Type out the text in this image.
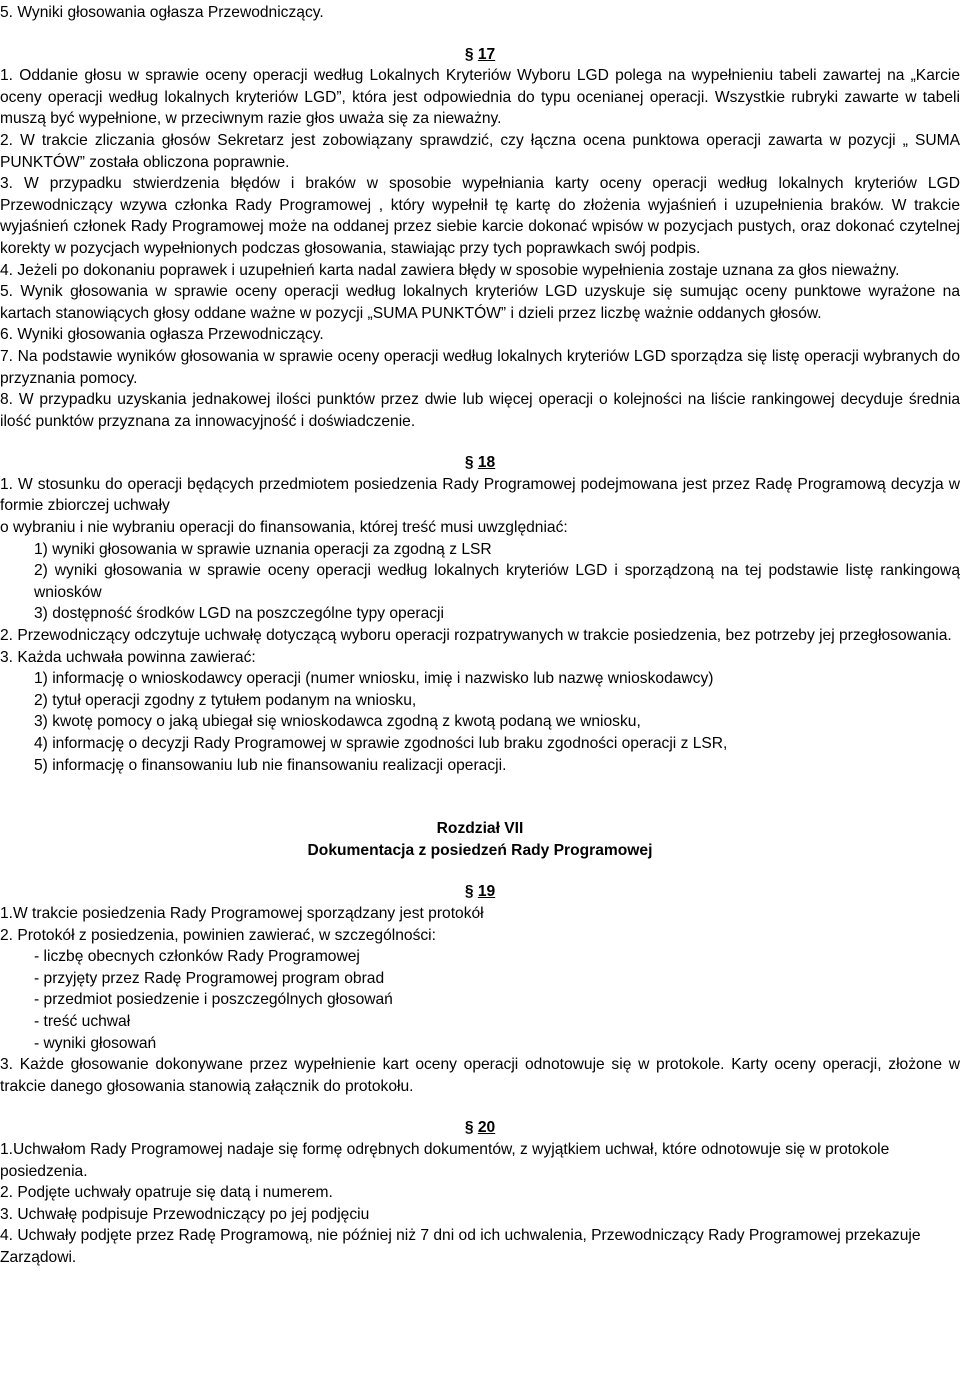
5. Wyniki głosowania ogłasza Przewodniczący.

§ 17

1. Oddanie głosu w sprawie oceny operacji według Lokalnych Kryteriów Wyboru LGD polega na wypełnieniu tabeli zawartej na „Karcie oceny operacji według lokalnych kryteriów LGD”, która jest odpowiednia do typu ocenianej operacji. Wszystkie rubryki zawarte w tabeli muszą być wypełnione, w przeciwnym razie głos uważa się za nieważny.

2. W trakcie zliczania głosów Sekretarz jest zobowiązany sprawdzić, czy łączna ocena punktowa operacji zawarta w pozycji „ SUMA PUNKTÓW” została obliczona poprawnie.

3. W przypadku stwierdzenia błędów i braków w sposobie wypełniania karty oceny operacji według lokalnych kryteriów LGD Przewodniczący wzywa członka Rady Programowej , który wypełnił tę kartę do złożenia wyjaśnień i uzupełnienia braków. W trakcie wyjaśnień członek Rady Programowej może na oddanej przez siebie karcie dokonać wpisów w pozycjach pustych, oraz dokonać czytelnej korekty w pozycjach wypełnionych podczas głosowania, stawiając przy tych poprawkach swój podpis.

4. Jeżeli po dokonaniu poprawek i uzupełnień karta nadal zawiera błędy w sposobie wypełnienia zostaje uznana za głos nieważny.

5. Wynik głosowania w sprawie oceny operacji według lokalnych kryteriów LGD uzyskuje się sumując oceny punktowe wyrażone na kartach stanowiących głosy oddane ważne w pozycji „SUMA PUNKTÓW” i dzieli przez liczbę ważnie oddanych głosów.

6. Wyniki głosowania ogłasza Przewodniczący.

7. Na podstawie wyników głosowania w sprawie oceny operacji według lokalnych kryteriów LGD sporządza się listę operacji wybranych do przyznania pomocy.

8. W przypadku uzyskania jednakowej ilości punktów przez dwie lub więcej operacji o kolejności na liście rankingowej decyduje średnia ilość punktów przyznana za innowacyjność i doświadczenie.

§ 18

1. W stosunku do operacji będących przedmiotem posiedzenia Rady Programowej podejmowana jest przez Radę Programową decyzja w formie zbiorczej uchwały

o wybraniu i nie wybraniu operacji do finansowania, której treść musi uwzględniać:

1) wyniki głosowania w sprawie uznania operacji za zgodną z LSR

2) wyniki głosowania w sprawie oceny operacji według lokalnych kryteriów LGD i sporządzoną na tej podstawie listę rankingową wniosków

3) dostępność środków LGD na poszczególne typy operacji

2. Przewodniczący odczytuje uchwałę dotyczącą wyboru operacji rozpatrywanych w trakcie posiedzenia, bez potrzeby jej przegłosowania.

3. Każda uchwała powinna zawierać:

1) informację o wnioskodawcy operacji (numer wniosku, imię i nazwisko lub nazwę wnioskodawcy)

2) tytuł operacji zgodny z tytułem podanym na wniosku,

3) kwotę pomocy o jaką ubiegał się wnioskodawca zgodną z kwotą podaną we wniosku,

4) informację o decyzji Rady Programowej w sprawie zgodności lub braku zgodności operacji z LSR,

5) informację o finansowaniu lub nie finansowaniu realizacji operacji.

Rozdział VII

Dokumentacja z posiedzeń Rady Programowej

§ 19

1.W trakcie posiedzenia Rady Programowej sporządzany jest protokół

2. Protokół z posiedzenia, powinien zawierać, w szczególności:

- liczbę obecnych członków Rady Programowej

- przyjęty przez Radę Programowej program obrad

- przedmiot posiedzenie i poszczególnych głosowań

- treść uchwał

- wyniki głosowań

3. Każde głosowanie dokonywane przez wypełnienie kart oceny operacji odnotowuje się w protokole. Karty oceny operacji, złożone w trakcie danego głosowania stanowią załącznik do protokołu.

§ 20

1.Uchwałom Rady Programowej nadaje się formę odrębnych dokumentów, z wyjątkiem uchwał, które odnotowuje się w protokole posiedzenia.

2. Podjęte uchwały opatruje się datą i numerem.

3. Uchwałę podpisuje Przewodniczący po jej podjęciu

4. Uchwały podjęte przez Radę Programową, nie później niż 7 dni od ich uchwalenia, Przewodniczący Rady Programowej przekazuje Zarządowi.
